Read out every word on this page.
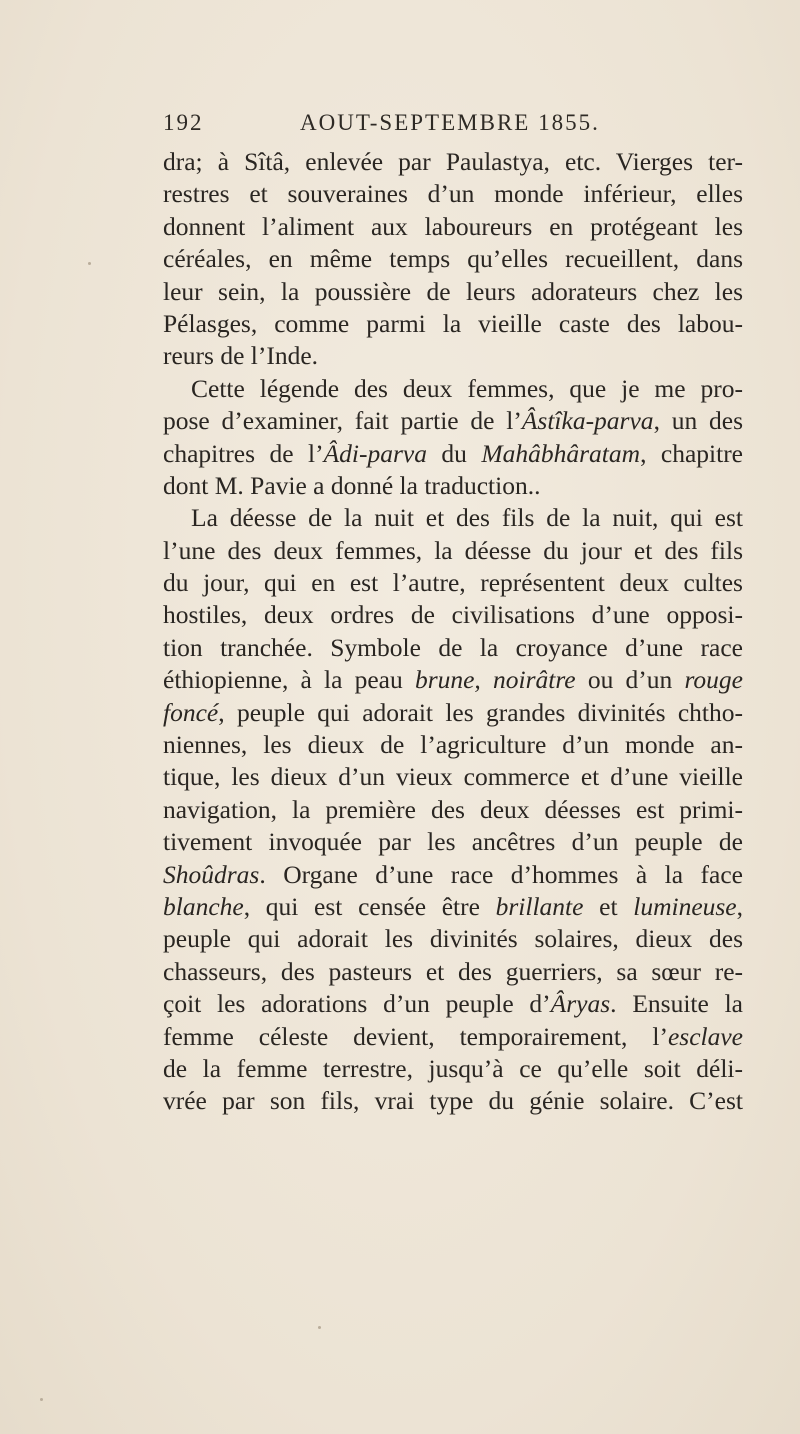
192	AOUT-SEPTEMBRE 1855.
dra; à Sîtâ, enlevée par Paulastya, etc. Vierges ter-
restres et souveraines d’un monde inférieur, elles
donnent l’aliment aux laboureurs en protégeant les
céréales, en même temps qu’elles recueillent, dans
leur sein, la poussière de leurs adorateurs chez les
Pélasges, comme parmi la vieille caste des labou-
reurs de l’Inde.
Cette légende des deux femmes, que je me pro-
pose d’examiner, fait partie de l’Âstîka-parva, un des
chapitres de l’Âdi-parva du Mahâbhâratam, chapitre
dont M. Pavie a donné la traduction..
La déesse de la nuit et des fils de la nuit, qui est
l’une des deux femmes, la déesse du jour et des fils
du jour, qui en est l’autre, représentent deux cultes
hostiles, deux ordres de civilisations d’une opposi-
tion tranchée. Symbole de la croyance d’une race
éthiopienne, à la peau brune, noirâtre ou d’un rouge
foncé, peuple qui adorait les grandes divinités chtho-
niennes, les dieux de l’agriculture d’un monde an-
tique, les dieux d’un vieux commerce et d’une vieille
navigation, la première des deux déesses est primi-
tivement invoquée par les ancêtres d’un peuple de
Shoûdras. Organe d’une race d’hommes à la face
blanche, qui est censée être brillante et lumineuse,
peuple qui adorait les divinités solaires, dieux des
chasseurs, des pasteurs et des guerriers, sa sœur re-
çoit les adorations d’un peuple d’Âryas. Ensuite la
femme céleste devient, temporairement, l’esclave
de la femme terrestre, jusqu’à ce qu’elle soit déli-
vrée par son fils, vrai type du génie solaire. C’est
